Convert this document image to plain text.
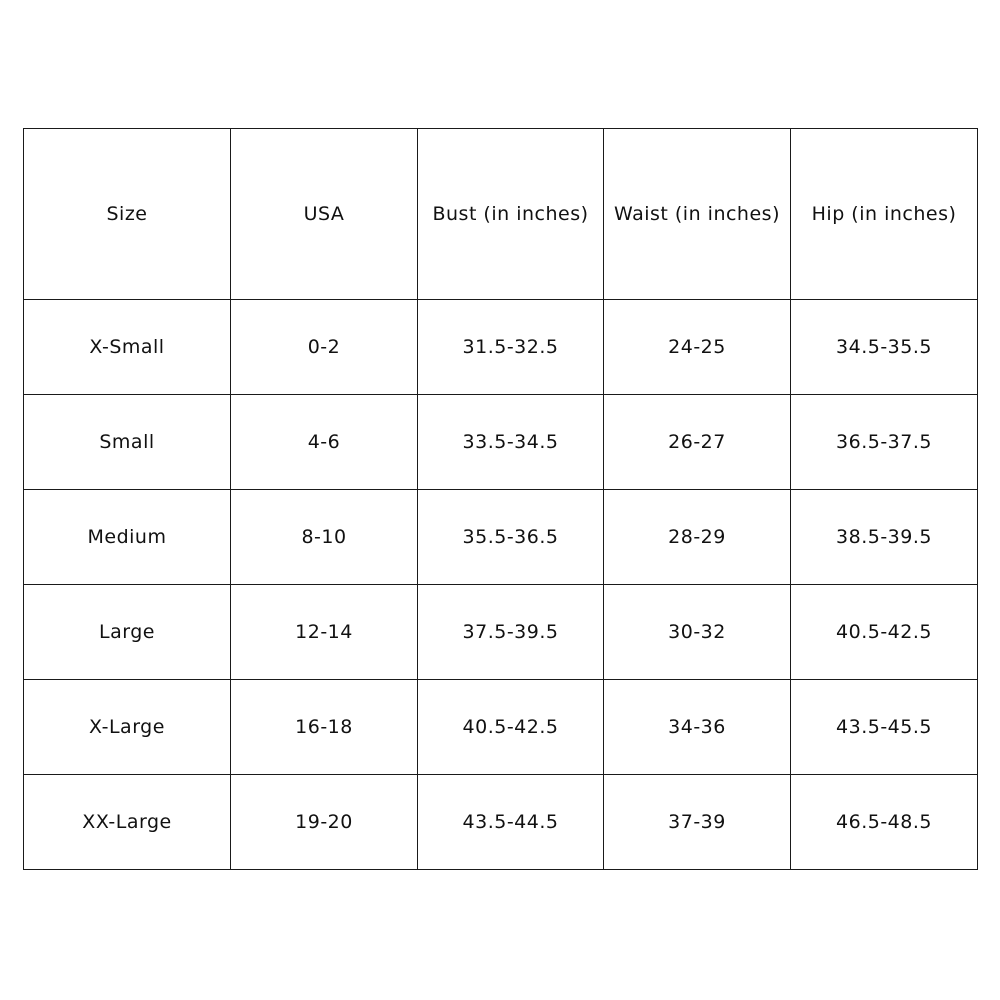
Size	USA	Bust (in inches)	Waist (in inches)	Hip (in inches)
X-Small	0-2	31.5-32.5	24-25	34.5-35.5
Small	4-6	33.5-34.5	26-27	36.5-37.5
Medium	8-10	35.5-36.5	28-29	38.5-39.5
Large	12-14	37.5-39.5	30-32	40.5-42.5
X-Large	16-18	40.5-42.5	34-36	43.5-45.5
XX-Large	19-20	43.5-44.5	37-39	46.5-48.5
